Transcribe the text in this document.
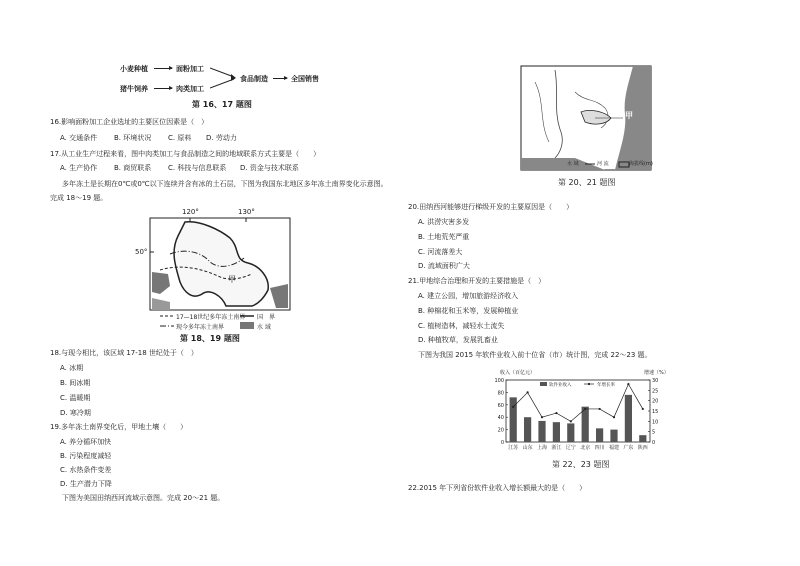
小麦种植	面粉加工
猪牛饲养	肉类加工
食品制造	全国销售
第 16、17 题图
16.影响面粉加工企业选址的主要区位因素是（　）
A. 交通条件 B. 环境状况 C. 原料 D. 劳动力
17.从工业生产过程来看，图中肉类加工与食品制造之间的地域联系方式主要是（　　）
A. 生产协作 B. 商贸联系 C. 科技与信息联系 D. 资金与技术联系
多年冻土是长期在0℃或0℃以下连续并含有冰的土石层，下图为我国东北地区多年冻土南界变化示意图。
完成 18～19 题。
120°	130°
50°
甲
17—18世纪多年冻土南界
现今多年冻土南界
国　界
水 域
第 18、19 题图
18.与现今相比，该区域 17-18 世纪处于（　）
A. 冰期
B. 间冰期
C. 温暖期
D. 寒冷期
19.多年冻土南界变化后，甲地土壤（　　）
A. 养分循环加快
B. 污染程度减轻
C. 水热条件变差
D. 生产潜力下降
下图为美国田纳西河流域示意图。完成 20～21 题。
甲
水 域	河 流	海拔线(m)
第 20、21 题图
20.田纳西河能够进行梯级开发的主要原因是（　　）
A. 洪涝灾害多发
B. 土地荒芜严重
C. 河流落差大
D. 流域面积广大
21.甲地综合治理和开发的主要措施是（　）
A. 建立公园，增加旅游经济收入
B. 种棉花和玉米等，发展种植业
C. 植树造林，减轻水土流失
D. 种植牧草，发展乳畜业
下图为我国 2015 年软件业收入前十位省（市）统计图，完成 22～23 题。
0
20
40
60
80
100
0
5
10
15
20
25
30
收入（百亿元）	增速（%）
软件业收入	年增长率
江苏 山东 上海 浙江 辽宁 北京 四川 福建 广东 陕西
第 22、23 题图
22.2015 年下列省份软件业收入增长额最大的是（　　）
